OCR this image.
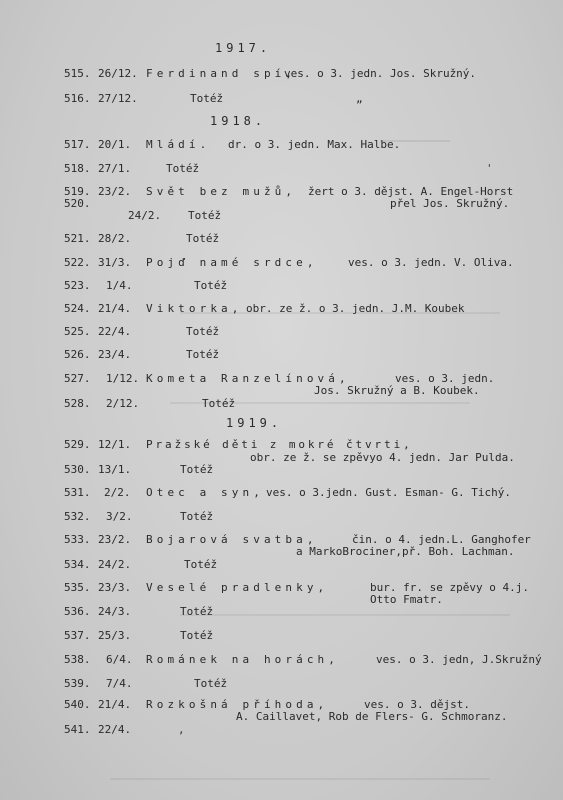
1917.
515. 26/12. Ferdinand spí,
ves. o 3. jedn. Jos. Skružný.
516. 27/12.	Totéž	„
1918.
517. 20/1. Mládí. dr. o 3. jedn. Max. Halbe.
518. 27/1.	Totéž	'
519. 23/2. Svět bez mužů, žert o 3. dějst. A. Engel-Horst
520.	přel Jos. Skružný.
24/2. Totéž
521. 28/2.	Totéž
522. 31/3. Pojď namé srdce,	ves. o 3. jedn. V. Oliva.
523. 1/4.	Totéž
524. 21/4. Viktorka, obr. ze ž. o 3. jedn. J.M. Koubek
525. 22/4.	Totéž
526. 23/4.	Totéž
527. 1/12. Kometa Ranzelínová,	ves. o 3. jedn.
Jos. Skružný a B. Koubek.
528. 2/12.	Totéž
1919.
529. 12/1. Pražské děti z mokré čtvrti,
obr. ze ž. se zpěvyo 4. jedn. Jar Pulda.
530. 13/1.	Totéž
531. 2/2. Otec a syn, ves. o 3.jedn. Gust. Esman- G. Tichý.
532. 3/2.	Totéž
533. 23/2. Bojarová svatba,	čin. o 4. jedn.L. Ganghofer
a MarkoBrociner,př. Boh. Lachman.
534. 24/2.	Totéž
535. 23/3. Veselé pradlenky,	bur. fr. se zpěvy o 4.j.
Otto Fmatr.
536. 24/3.	Totéž
537. 25/3.	Totéž
538. 6/4. Románek na horách,	ves. o 3. jedn, J.Skružný
539. 7/4.	Totéž
540. 21/4. Rozkošná příhoda,	ves. o 3. dějst.
A. Caillavet, Rob de Flers- G. Schmoranz.
541. 22/4.	,
